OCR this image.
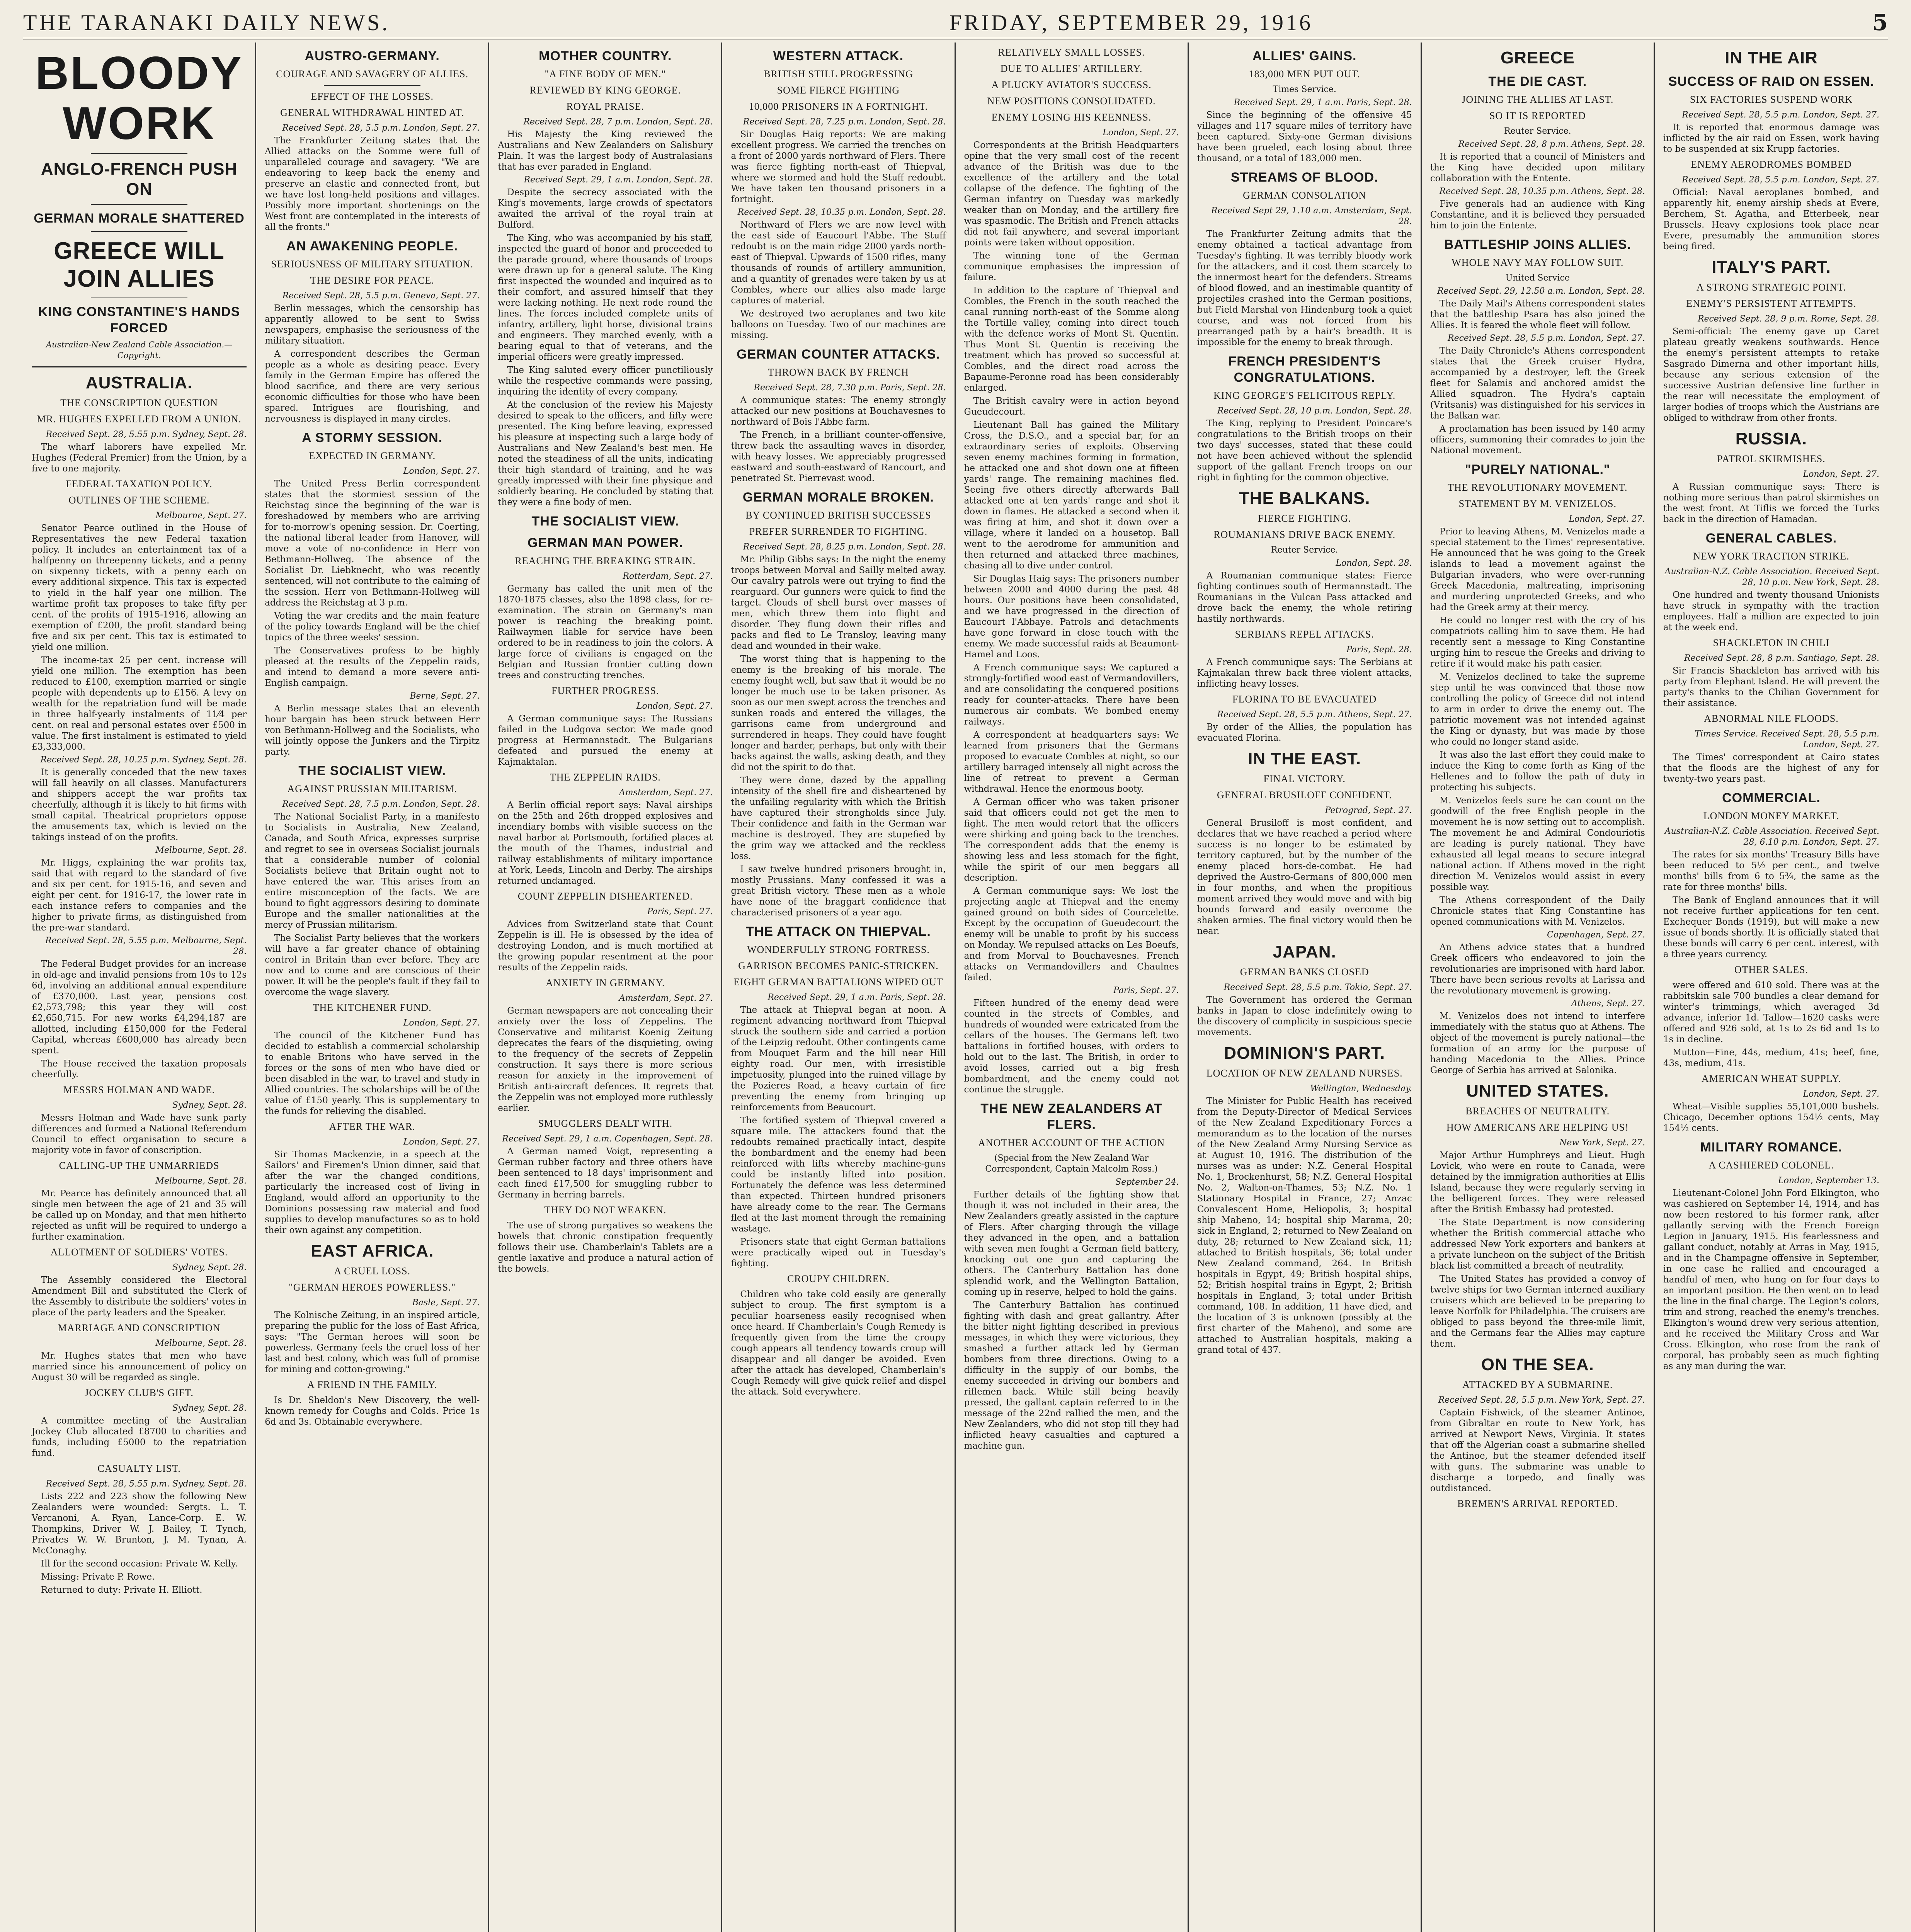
THE TARANAKI DAILY NEWS.	FRIDAY, SEPTEMBER 29, 1916	5
BLOODY WORK
ANGLO-FRENCH PUSH ON
GERMAN MORALE SHATTERED
GREECE WILL JOIN ALLIES
KING CONSTANTINE'S HANDS FORCED
Australian-New Zealand Cable Association.—Copyright.
AUSTRALIA.
THE CONSCRIPTION QUESTION
MR. HUGHES EXPELLED FROM A UNION.
Received Sept. 28, 5.55 p.m. Sydney, Sept. 28.

The wharf laborers have expelled Mr. Hughes (Federal Premier) from the Union, by a five to one majority.

FEDERAL TAXATION POLICY.
OUTLINES OF THE SCHEME.
Melbourne, Sept. 27.

Senator Pearce outlined in the House of Representatives the new Federal taxation policy. It includes an entertainment tax of a halfpenny on threepenny tickets, and a penny on sixpenny tickets, with a penny each on every additional sixpence. This tax is expected to yield in the half year one million. The wartime profit tax proposes to take fifty per cent. of the profits of 1915-1916, allowing an exemption of £200, the profit standard being five and six per cent. This tax is estimated to yield one million.

The income-tax 25 per cent. increase will yield one million. The exemption has been reduced to £100, exemption married or single people with dependents up to £156. A levy on wealth for the repatriation fund will be made in three half-yearly instalments of 11⁄4 per cent. on real and personal estates over £500 in value. The first instalment is estimated to yield £3,333,000.

Received Sept. 28, 10.25 p.m. Sydney, Sept. 28.

It is generally conceded that the new taxes will fall heavily on all classes. Manufacturers and shippers accept the war profits tax cheerfully, although it is likely to hit firms with small capital. Theatrical proprietors oppose the amusements tax, which is levied on the takings instead of on the profits.

Melbourne, Sept. 28.

Mr. Higgs, explaining the war profits tax, said that with regard to the standard of five and six per cent. for 1915-16, and seven and eight per cent. for 1916-17, the lower rate in each instance refers to companies and the higher to private firms, as distinguished from the pre-war standard.

Received Sept. 28, 5.55 p.m. Melbourne, Sept. 28.

The Federal Budget provides for an increase in old-age and invalid pensions from 10s to 12s 6d, involving an additional annual expenditure of £370,000. Last year, pensions cost £2,573,798; this year they will cost £2,650,715. For new works £4,294,187 are allotted, including £150,000 for the Federal Capital, whereas £600,000 has already been spent.

The House received the taxation proposals cheerfully.

MESSRS HOLMAN AND WADE.
Sydney, Sept. 28.

Messrs Holman and Wade have sunk party differences and formed a National Referendum Council to effect organisation to secure a majority vote in favor of conscription.

CALLING-UP THE UNMARRIEDS
Melbourne, Sept. 28.

Mr. Pearce has definitely announced that all single men between the age of 21 and 35 will be called up on Monday, and that men hitherto rejected as unfit will be required to undergo a further examination.

ALLOTMENT OF SOLDIERS' VOTES.
Sydney, Sept. 28.

The Assembly considered the Electoral Amendment Bill and substituted the Clerk of the Assembly to distribute the soldiers' votes in place of the party leaders and the Speaker.

MARRIAGE AND CONSCRIPTION
Melbourne, Sept. 28.

Mr. Hughes states that men who have married since his announcement of policy on August 30 will be regarded as single.

JOCKEY CLUB'S GIFT.
Sydney, Sept. 28.

A committee meeting of the Australian Jockey Club allocated £8700 to charities and funds, including £5000 to the repatriation fund.

CASUALTY LIST.
Received Sept. 28, 5.55 p.m. Sydney, Sept. 28.

Lists 222 and 223 show the following New Zealanders were wounded: Sergts. L. T. Vercanoni, A. Ryan, Lance-Corp. E. W. Thompkins, Driver W. J. Bailey, T. Tynch, Privates W. W. Brunton, J. M. Tynan, A. McConaghy.

Ill for the second occasion: Private W. Kelly.

Missing: Private P. Rowe.

Returned to duty: Private H. Elliott.

AUSTRO-GERMANY.
COURAGE AND SAVAGERY OF ALLIES.
EFFECT OF THE LOSSES.
GENERAL WITHDRAWAL HINTED AT.
Received Sept. 28, 5.5 p.m. London, Sept. 27.

The Frankfurter Zeitung states that the Allied attacks on the Somme were full of unparalleled courage and savagery. "We are endeavoring to keep back the enemy and preserve an elastic and connected front, but we have lost long-held positions and villages. Possibly more important shortenings on the West front are contemplated in the interests of all the fronts."

AN AWAKENING PEOPLE.
SERIOUSNESS OF MILITARY SITUATION.
THE DESIRE FOR PEACE.
Received Sept. 28, 5.5 p.m. Geneva, Sept. 27.

Berlin messages, which the censorship has apparently allowed to be sent to Swiss newspapers, emphasise the seriousness of the military situation.

A correspondent describes the German people as a whole as desiring peace. Every family in the German Empire has offered the blood sacrifice, and there are very serious economic difficulties for those who have been spared. Intrigues are flourishing, and nervousness is displayed in many circles.

A STORMY SESSION.
EXPECTED IN GERMANY.
London, Sept. 27.

The United Press Berlin correspondent states that the stormiest session of the Reichstag since the beginning of the war is foreshadowed by members who are arriving for to-morrow's opening session. Dr. Coerting, the national liberal leader from Hanover, will move a vote of no-confidence in Herr von Bethmann-Hollweg. The absence of the Socialist Dr. Liebknecht, who was recently sentenced, will not contribute to the calming of the session. Herr von Bethmann-Hollweg will address the Reichstag at 3 p.m.

Voting the war credits and the main feature of the policy towards England will be the chief topics of the three weeks' session.

The Conservatives profess to be highly pleased at the results of the Zeppelin raids, and intend to demand a more severe anti-English campaign.

Berne, Sept. 27.

A Berlin message states that an eleventh hour bargain has been struck between Herr von Bethmann-Hollweg and the Socialists, who will jointly oppose the Junkers and the Tirpitz party.

THE SOCIALIST VIEW.
AGAINST PRUSSIAN MILITARISM.
Received Sept. 28, 7.5 p.m. London, Sept. 28.

The National Socialist Party, in a manifesto to Socialists in Australia, New Zealand, Canada, and South Africa, expresses surprise and regret to see in overseas Socialist journals that a considerable number of colonial Socialists believe that Britain ought not to have entered the war. This arises from an entire misconception of the facts. We are bound to fight aggressors desiring to dominate Europe and the smaller nationalities at the mercy of Prussian militarism.

The Socialist Party believes that the workers will have a far greater chance of obtaining control in Britain than ever before. They are now and to come and are conscious of their power. It will be the people's fault if they fail to overcome the wage slavery.

THE KITCHENER FUND.
London, Sept. 27.

The council of the Kitchener Fund has decided to establish a commercial scholarship to enable Britons who have served in the forces or the sons of men who have died or been disabled in the war, to travel and study in Allied countries. The scholarships will be of the value of £150 yearly. This is supplementary to the funds for relieving the disabled.

AFTER THE WAR.
London, Sept. 27.

Sir Thomas Mackenzie, in a speech at the Sailors' and Firemen's Union dinner, said that after the war the changed conditions, particularly the increased cost of living in England, would afford an opportunity to the Dominions possessing raw material and food supplies to develop manufactures so as to hold their own against any competition.

EAST AFRICA.
A CRUEL LOSS.
"GERMAN HEROES POWERLESS."
Basle, Sept. 27.

The Kolnische Zeitung, in an inspired article, preparing the public for the loss of East Africa, says: "The German heroes will soon be powerless. Germany feels the cruel loss of her last and best colony, which was full of promise for mining and cotton-growing."

A FRIEND IN THE FAMILY.

Is Dr. Sheldon's New Discovery, the well-known remedy for Coughs and Colds. Price 1s 6d and 3s. Obtainable everywhere.

MOTHER COUNTRY.
"A FINE BODY OF MEN."
REVIEWED BY KING GEORGE.
ROYAL PRAISE.
Received Sept. 28, 7 p.m. London, Sept. 28.

His Majesty the King reviewed the Australians and New Zealanders on Salisbury Plain. It was the largest body of Australasians that has ever paraded in England.

Received Sept. 29, 1 a.m. London, Sept. 28.

Despite the secrecy associated with the King's movements, large crowds of spectators awaited the arrival of the royal train at Bulford.

The King, who was accompanied by his staff, inspected the guard of honor and proceeded to the parade ground, where thousands of troops were drawn up for a general salute. The King first inspected the wounded and inquired as to their comfort, and assured himself that they were lacking nothing. He next rode round the lines. The forces included complete units of infantry, artillery, light horse, divisional trains and engineers. They marched evenly, with a bearing equal to that of veterans, and the imperial officers were greatly impressed.

The King saluted every officer punctiliously while the respective commands were passing, inquiring the identity of every company.

At the conclusion of the review his Majesty desired to speak to the officers, and fifty were presented. The King before leaving, expressed his pleasure at inspecting such a large body of Australians and New Zealand's best men. He noted the steadiness of all the units, indicating their high standard of training, and he was greatly impressed with their fine physique and soldierly bearing. He concluded by stating that they were a fine body of men.

THE SOCIALIST VIEW.
GERMAN MAN POWER.
REACHING THE BREAKING STRAIN.
Rotterdam, Sept. 27.

Germany has called the unit men of the 1870-1875 classes, also the 1898 class, for re-examination. The strain on Germany's man power is reaching the breaking point. Railwaymen liable for service have been ordered to be in readiness to join the colors. A large force of civilians is engaged on the Belgian and Russian frontier cutting down trees and constructing trenches.

FURTHER PROGRESS.
London, Sept. 27.

A German communique says: The Russians failed in the Ludgova sector. We made good progress at Hermannstadt. The Bulgarians defeated and pursued the enemy at Kajmaktalan.

THE ZEPPELIN RAIDS.
Amsterdam, Sept. 27.

A Berlin official report says: Naval airships on the 25th and 26th dropped explosives and incendiary bombs with visible success on the naval harbor at Portsmouth, fortified places at the mouth of the Thames, industrial and railway establishments of military importance at York, Leeds, Lincoln and Derby. The airships returned undamaged.

COUNT ZEPPELIN DISHEARTENED.
Paris, Sept. 27.

Advices from Switzerland state that Count Zeppelin is ill. He is obsessed by the idea of destroying London, and is much mortified at the growing popular resentment at the poor results of the Zeppelin raids.

ANXIETY IN GERMANY.
Amsterdam, Sept. 27.

German newspapers are not concealing their anxiety over the loss of Zeppelins. The Conservative and militarist Koenig Zeitung deprecates the fears of the disquieting, owing to the frequency of the secrets of Zeppelin construction. It says there is more serious reason for anxiety in the improvement of British anti-aircraft defences. It regrets that the Zeppelin was not employed more ruthlessly earlier.

SMUGGLERS DEALT WITH.
Received Sept. 29, 1 a.m. Copenhagen, Sept. 28.

A German named Voigt, representing a German rubber factory and three others have been sentenced to 18 days' imprisonment and each fined £17,500 for smuggling rubber to Germany in herring barrels.

THEY DO NOT WEAKEN.

The use of strong purgatives so weakens the bowels that chronic constipation frequently follows their use. Chamberlain's Tablets are a gentle laxative and produce a natural action of the bowels.

WESTERN ATTACK.
BRITISH STILL PROGRESSING
SOME FIERCE FIGHTING
10,000 PRISONERS IN A FORTNIGHT.
Received Sept. 28, 7.25 p.m. London, Sept. 28.

Sir Douglas Haig reports: We are making excellent progress. We carried the trenches on a front of 2000 yards northward of Flers. There was fierce fighting north-east of Thiepval, where we stormed and hold the Stuff redoubt. We have taken ten thousand prisoners in a fortnight.

Received Sept. 28, 10.35 p.m. London, Sept. 28.

Northward of Flers we are now level with the east side of Eaucourt l'Abbe. The Stuff redoubt is on the main ridge 2000 yards north-east of Thiepval. Upwards of 1500 rifles, many thousands of rounds of artillery ammunition, and a quantity of grenades were taken by us at Combles, where our allies also made large captures of material.

We destroyed two aeroplanes and two kite balloons on Tuesday. Two of our machines are missing.

GERMAN COUNTER ATTACKS.
THROWN BACK BY FRENCH
Received Sept. 28, 7.30 p.m. Paris, Sept. 28.

A communique states: The enemy strongly attacked our new positions at Bouchavesnes to northward of Bois l'Abbe farm.

The French, in a brilliant counter-offensive, threw back the assaulting waves in disorder, with heavy losses. We appreciably progressed eastward and south-eastward of Rancourt, and penetrated St. Pierrevast wood.

GERMAN MORALE BROKEN.
BY CONTINUED BRITISH SUCCESSES
PREFER SURRENDER TO FIGHTING.
Received Sept. 28, 8.25 p.m. London, Sept. 28.

Mr. Philip Gibbs says: In the night the enemy troops between Morval and Sailly melted away. Our cavalry patrols were out trying to find the rearguard. Our gunners were quick to find the target. Clouds of shell burst over masses of men, which threw them into flight and disorder. They flung down their rifles and packs and fled to Le Transloy, leaving many dead and wounded in their wake.

The worst thing that is happening to the enemy is the breaking of his morale. The enemy fought well, but saw that it would be no longer be much use to be taken prisoner. As soon as our men swept across the trenches and sunken roads and entered the villages, the garrisons came from underground and surrendered in heaps. They could have fought longer and harder, perhaps, but only with their backs against the walls, asking death, and they did not the spirit to do that.

They were done, dazed by the appalling intensity of the shell fire and disheartened by the unfailing regularity with which the British have captured their strongholds since July. Their confidence and faith in the German war machine is destroyed. They are stupefied by the grim way we attacked and the reckless loss.

I saw twelve hundred prisoners brought in, mostly Prussians. Many confessed it was a great British victory. These men as a whole have none of the braggart confidence that characterised prisoners of a year ago.

THE ATTACK ON THIEPVAL.
WONDERFULLY STRONG FORTRESS.
GARRISON BECOMES PANIC-STRICKEN.
EIGHT GERMAN BATTALIONS WIPED OUT
Received Sept. 29, 1 a.m. Paris, Sept. 28.

The attack at Thiepval began at noon. A regiment advancing northward from Thiepval struck the southern side and carried a portion of the Leipzig redoubt. Other contingents came from Mouquet Farm and the hill near Hill eighty road. Our men, with irresistible impetuosity, plunged into the ruined village by the Pozieres Road, a heavy curtain of fire preventing the enemy from bringing up reinforcements from Beaucourt.

The fortified system of Thiepval covered a square mile. The attackers found that the redoubts remained practically intact, despite the bombardment and the enemy had been reinforced with lifts whereby machine-guns could be instantly lifted into position. Fortunately the defence was less determined than expected. Thirteen hundred prisoners have already come to the rear. The Germans fled at the last moment through the remaining wastage.

Prisoners state that eight German battalions were practically wiped out in Tuesday's fighting.

CROUPY CHILDREN.

Children who take cold easily are generally subject to croup. The first symptom is a peculiar hoarseness easily recognised when once heard. If Chamberlain's Cough Remedy is frequently given from the time the croupy cough appears all tendency towards croup will disappear and all danger be avoided. Even after the attack has developed, Chamberlain's Cough Remedy will give quick relief and dispel the attack. Sold everywhere.

RELATIVELY SMALL LOSSES.
DUE TO ALLIES' ARTILLERY.
A PLUCKY AVIATOR'S SUCCESS.
NEW POSITIONS CONSOLIDATED.
ENEMY LOSING HIS KEENNESS.
London, Sept. 27.

Correspondents at the British Headquarters opine that the very small cost of the recent advance of the British was due to the excellence of the artillery and the total collapse of the defence. The fighting of the German infantry on Tuesday was markedly weaker than on Monday, and the artillery fire was spasmodic. The British and French attacks did not fail anywhere, and several important points were taken without opposition.

The winning tone of the German communique emphasises the impression of failure.

In addition to the capture of Thiepval and Combles, the French in the south reached the canal running north-east of the Somme along the Tortille valley, coming into direct touch with the defence works of Mont St. Quentin. Thus Mont St. Quentin is receiving the treatment which has proved so successful at Combles, and the direct road across the Bapaume-Peronne road has been considerably enlarged.

The British cavalry were in action beyond Gueudecourt.

Lieutenant Ball has gained the Military Cross, the D.S.O., and a special bar, for an extraordinary series of exploits. Observing seven enemy machines forming in formation, he attacked one and shot down one at fifteen yards' range. The remaining machines fled. Seeing five others directly afterwards Ball attacked one at ten yards' range and shot it down in flames. He attacked a second when it was firing at him, and shot it down over a village, where it landed on a housetop. Ball went to the aerodrome for ammunition and then returned and attacked three machines, chasing all to dive under control.

Sir Douglas Haig says: The prisoners number between 2000 and 4000 during the past 48 hours. Our positions have been consolidated, and we have progressed in the direction of Eaucourt l'Abbaye. Patrols and detachments have gone forward in close touch with the enemy. We made successful raids at Beaumont-Hamel and Loos.

A French communique says: We captured a strongly-fortified wood east of Vermandovillers, and are consolidating the conquered positions ready for counter-attacks. There have been numerous air combats. We bombed enemy railways.

A correspondent at headquarters says: We learned from prisoners that the Germans proposed to evacuate Combles at night, so our artillery barraged intensely all night across the line of retreat to prevent a German withdrawal. Hence the enormous booty.

A German officer who was taken prisoner said that officers could not get the men to fight. The men would retort that the officers were shirking and going back to the trenches. The correspondent adds that the enemy is showing less and less stomach for the fight, while the spirit of our men beggars all description.

A German communique says: We lost the projecting angle at Thiepval and the enemy gained ground on both sides of Courcelette. Except by the occupation of Gueudecourt the enemy will be unable to profit by his success on Monday. We repulsed attacks on Les Boeufs, and from Morval to Bouchavesnes. French attacks on Vermandovillers and Chaulnes failed.

Paris, Sept. 27.

Fifteen hundred of the enemy dead were counted in the streets of Combles, and hundreds of wounded were extricated from the cellars of the houses. The Germans left two battalions in fortified houses, with orders to hold out to the last. The British, in order to avoid losses, carried out a big fresh bombardment, and the enemy could not continue the struggle.

THE NEW ZEALANDERS AT FLERS.
ANOTHER ACCOUNT OF THE ACTION
(Special from the New Zealand War Correspondent, Captain Malcolm Ross.)
September 24.

Further details of the fighting show that though it was not included in their area, the New Zealanders greatly assisted in the capture of Flers. After charging through the village they advanced in the open, and a battalion with seven men fought a German field battery, knocking out one gun and capturing the others. The Canterbury Battalion has done splendid work, and the Wellington Battalion, coming up in reserve, helped to hold the gains.

The Canterbury Battalion has continued fighting with dash and great gallantry. After the bitter night fighting described in previous messages, in which they were victorious, they smashed a further attack led by German bombers from three directions. Owing to a difficulty in the supply of our bombs, the enemy succeeded in driving our bombers and riflemen back. While still being heavily pressed, the gallant captain referred to in the message of the 22nd rallied the men, and the New Zealanders, who did not stop till they had inflicted heavy casualties and captured a machine gun.

ALLIES' GAINS.
183,000 MEN PUT OUT.
Times Service.
Received Sept. 29, 1 a.m. Paris, Sept. 28.

Since the beginning of the offensive 45 villages and 117 square miles of territory have been captured. Sixty-one German divisions have been grueled, each losing about three thousand, or a total of 183,000 men.

STREAMS OF BLOOD.
GERMAN CONSOLATION
Received Sept 29, 1.10 a.m. Amsterdam, Sept. 28.

The Frankfurter Zeitung admits that the enemy obtained a tactical advantage from Tuesday's fighting. It was terribly bloody work for the attackers, and it cost them scarcely to the innermost heart for the defenders. Streams of blood flowed, and an inestimable quantity of projectiles crashed into the German positions, but Field Marshal von Hindenburg took a quiet course, and was not forced from his prearranged path by a hair's breadth. It is impossible for the enemy to break through.

FRENCH PRESIDENT'S CONGRATULATIONS.
KING GEORGE'S FELICITOUS REPLY.
Received Sept. 28, 10 p.m. London, Sept. 28.

The King, replying to President Poincare's congratulations to the British troops on their two days' successes, stated that these could not have been achieved without the splendid support of the gallant French troops on our right in fighting for the common objective.

THE BALKANS.
FIERCE FIGHTING.
ROUMANIANS DRIVE BACK ENEMY.
Reuter Service.
London, Sept. 28.

A Roumanian communique states: Fierce fighting continues south of Hermannstadt. The Roumanians in the Vulcan Pass attacked and drove back the enemy, the whole retiring hastily northwards.

SERBIANS REPEL ATTACKS.
Paris, Sept. 28.

A French communique says: The Serbians at Kajmakalan threw back three violent attacks, inflicting heavy losses.

FLORINA TO BE EVACUATED
Received Sept. 28, 5.5 p.m. Athens, Sept. 27.

By order of the Allies, the population has evacuated Florina.

IN THE EAST.
FINAL VICTORY.
GENERAL BRUSILOFF CONFIDENT.
Petrograd, Sept. 27.

General Brusiloff is most confident, and declares that we have reached a period where success is no longer to be estimated by territory captured, but by the number of the enemy placed hors-de-combat. He had deprived the Austro-Germans of 800,000 men in four months, and when the propitious moment arrived they would move and with big bounds forward and easily overcome the shaken armies. The final victory would then be near.

JAPAN.
GERMAN BANKS CLOSED
Received Sept. 28, 5.5 p.m. Tokio, Sept. 27.

The Government has ordered the German banks in Japan to close indefinitely owing to the discovery of complicity in suspicious specie movements.

DOMINION'S PART.
LOCATION OF NEW ZEALAND NURSES.
Wellington, Wednesday.

The Minister for Public Health has received from the Deputy-Director of Medical Services of the New Zealand Expeditionary Forces a memorandum as to the location of the nurses of the New Zealand Army Nursing Service as at August 10, 1916. The distribution of the nurses was as under: N.Z. General Hospital No. 1, Brockenhurst, 58; N.Z. General Hospital No. 2, Walton-on-Thames, 53; N.Z. No. 1 Stationary Hospital in France, 27; Anzac Convalescent Home, Heliopolis, 3; hospital ship Maheno, 14; hospital ship Marama, 20; sick in England, 2; returned to New Zealand on duty, 28; returned to New Zealand sick, 11; attached to British hospitals, 36; total under New Zealand command, 264. In British hospitals in Egypt, 49; British hospital ships, 52; British hospital trains in Egypt, 2; British hospitals in England, 3; total under British command, 108. In addition, 11 have died, and the location of 3 is unknown (possibly at the first charter of the Maheno), and some are attached to Australian hospitals, making a grand total of 437.

GREECE
THE DIE CAST.
JOINING THE ALLIES AT LAST.
SO IT IS REPORTED
Reuter Service.
Received Sept. 28, 8 p.m. Athens, Sept. 28.

It is reported that a council of Ministers and the King have decided upon military collaboration with the Entente.

Received Sept. 28, 10.35 p.m. Athens, Sept. 28.

Five generals had an audience with King Constantine, and it is believed they persuaded him to join the Entente.

BATTLESHIP JOINS ALLIES.
WHOLE NAVY MAY FOLLOW SUIT.
United Service
Received Sept. 29, 12.50 a.m. London, Sept. 28.

The Daily Mail's Athens correspondent states that the battleship Psara has also joined the Allies. It is feared the whole fleet will follow.

Received Sept. 28, 5.5 p.m. London, Sept. 27.

The Daily Chronicle's Athens correspondent states that the Greek cruiser Hydra, accompanied by a destroyer, left the Greek fleet for Salamis and anchored amidst the Allied squadron. The Hydra's captain (Vritsanis) was distinguished for his services in the Balkan war.

A proclamation has been issued by 140 army officers, summoning their comrades to join the National movement.

"PURELY NATIONAL."
THE REVOLUTIONARY MOVEMENT.
STATEMENT BY M. VENIZELOS.
London, Sept. 27.

Prior to leaving Athens, M. Venizelos made a special statement to the Times' representative. He announced that he was going to the Greek islands to lead a movement against the Bulgarian invaders, who were over-running Greek Macedonia, maltreating, imprisoning and murdering unprotected Greeks, and who had the Greek army at their mercy.

He could no longer rest with the cry of his compatriots calling him to save them. He had recently sent a message to King Constantine urging him to rescue the Greeks and driving to retire if it would make his path easier.

M. Venizelos declined to take the supreme step until he was convinced that those now controlling the policy of Greece did not intend to arm in order to drive the enemy out. The patriotic movement was not intended against the King or dynasty, but was made by those who could no longer stand aside.

It was also the last effort they could make to induce the King to come forth as King of the Hellenes and to follow the path of duty in protecting his subjects.

M. Venizelos feels sure he can count on the goodwill of the free English people in the movement he is now setting out to accomplish. The movement he and Admiral Condouriotis are leading is purely national. They have exhausted all legal means to secure integral national action. If Athens moved in the right direction M. Venizelos would assist in every possible way.

The Athens correspondent of the Daily Chronicle states that King Constantine has opened communications with M. Venizelos.

Copenhagen, Sept. 27.

An Athens advice states that a hundred Greek officers who endeavored to join the revolutionaries are imprisoned with hard labor. There have been serious revolts at Larissa and the revolutionary movement is growing.

Athens, Sept. 27.

M. Venizelos does not intend to interfere immediately with the status quo at Athens. The object of the movement is purely national—the formation of an army for the purpose of handing Macedonia to the Allies. Prince George of Serbia has arrived at Salonika.

UNITED STATES.
BREACHES OF NEUTRALITY.
HOW AMERICANS ARE HELPING US!
New York, Sept. 27.

Major Arthur Humphreys and Lieut. Hugh Lovick, who were en route to Canada, were detained by the immigration authorities at Ellis Island, because they were regularly serving in the belligerent forces. They were released after the British Embassy had protested.

The State Department is now considering whether the British commercial attache who addressed New York exporters and bankers at a private luncheon on the subject of the British black list committed a breach of neutrality.

The United States has provided a convoy of twelve ships for two German interned auxiliary cruisers which are believed to be preparing to leave Norfolk for Philadelphia. The cruisers are obliged to pass beyond the three-mile limit, and the Germans fear the Allies may capture them.

ON THE SEA.
ATTACKED BY A SUBMARINE.
Received Sept. 28, 5.5 p.m. New York, Sept. 27.

Captain Fishwick, of the steamer Antinoe, from Gibraltar en route to New York, has arrived at Newport News, Virginia. It states that off the Algerian coast a submarine shelled the Antinoe, but the steamer defended itself with guns. The submarine was unable to discharge a torpedo, and finally was outdistanced.

BREMEN'S ARRIVAL REPORTED.
IN THE AIR
SUCCESS OF RAID ON ESSEN.
SIX FACTORIES SUSPEND WORK
Received Sept. 28, 5.5 p.m. London, Sept. 27.

It is reported that enormous damage was inflicted by the air raid on Essen, work having to be suspended at six Krupp factories.

ENEMY AERODROMES BOMBED
Received Sept. 28, 5.5 p.m. London, Sept. 27.

Official: Naval aeroplanes bombed, and apparently hit, enemy airship sheds at Evere, Berchem, St. Agatha, and Etterbeek, near Brussels. Heavy explosions took place near Evere, presumably the ammunition stores being fired.

ITALY'S PART.
A STRONG STRATEGIC POINT.
ENEMY'S PERSISTENT ATTEMPTS.
Received Sept. 28, 9 p.m. Rome, Sept. 28.

Semi-official: The enemy gave up Caret plateau greatly weakens southwards. Hence the enemy's persistent attempts to retake Sasgrado Dimerna and other important hills, because any serious extension of the successive Austrian defensive line further in the rear will necessitate the employment of larger bodies of troops which the Austrians are obliged to withdraw from other fronts.

RUSSIA.
PATROL SKIRMISHES.
London, Sept. 27.

A Russian communique says: There is nothing more serious than patrol skirmishes on the west front. At Tiflis we forced the Turks back in the direction of Hamadan.

GENERAL CABLES.
NEW YORK TRACTION STRIKE.
Australian-N.Z. Cable Association. Received Sept. 28, 10 p.m. New York, Sept. 28.

One hundred and twenty thousand Unionists have struck in sympathy with the traction employees. Half a million are expected to join at the week end.

SHACKLETON IN CHILI
Received Sept. 28, 8 p.m. Santiago, Sept. 28.

Sir Francis Shackleton has arrived with his party from Elephant Island. He will prevent the party's thanks to the Chilian Government for their assistance.

ABNORMAL NILE FLOODS.
Times Service. Received Sept. 28, 5.5 p.m. London, Sept. 27.

The Times' correspondent at Cairo states that the floods are the highest of any for twenty-two years past.

COMMERCIAL.
LONDON MONEY MARKET.
Australian-N.Z. Cable Association. Received Sept. 28, 6.10 p.m. London, Sept. 27.

The rates for six months' Treasury Bills have been reduced to 5½ per cent., and twelve months' bills from 6 to 5¾, the same as the rate for three months' bills.

The Bank of England announces that it will not receive further applications for ten cent. Exchequer Bonds (1919), but will make a new issue of bonds shortly. It is officially stated that these bonds will carry 6 per cent. interest, with a three years currency.

OTHER SALES.

were offered and 610 sold. There was at the rabbitskin sale 700 bundles a clear demand for winter's trimmings, which averaged 3d advance, inferior 1d. Tallow—1620 casks were offered and 926 sold, at 1s to 2s 6d and 1s to 1s in decline.

Mutton—Fine, 44s, medium, 41s; beef, fine, 43s, medium, 41s.

AMERICAN WHEAT SUPPLY.
London, Sept. 27.

Wheat—Visible supplies 55,101,000 bushels. Chicago, December options 154½ cents, May 154½ cents.

MILITARY ROMANCE.
A CASHIERED COLONEL.
London, September 13.

Lieutenant-Colonel John Ford Elkington, who was cashiered on September 14, 1914, and has now been restored to his former rank, after gallantly serving with the French Foreign Legion in January, 1915. His fearlessness and gallant conduct, notably at Arras in May, 1915, and in the Champagne offensive in September, in one case he rallied and encouraged a handful of men, who hung on for four days to an important position. He then went on to lead the line in the final charge. The Legion's colors, trim and strong, reached the enemy's trenches. Elkington's wound drew very serious attention, and he received the Military Cross and War Cross. Elkington, who rose from the rank of corporal, has probably seen as much fighting as any man during the war.
